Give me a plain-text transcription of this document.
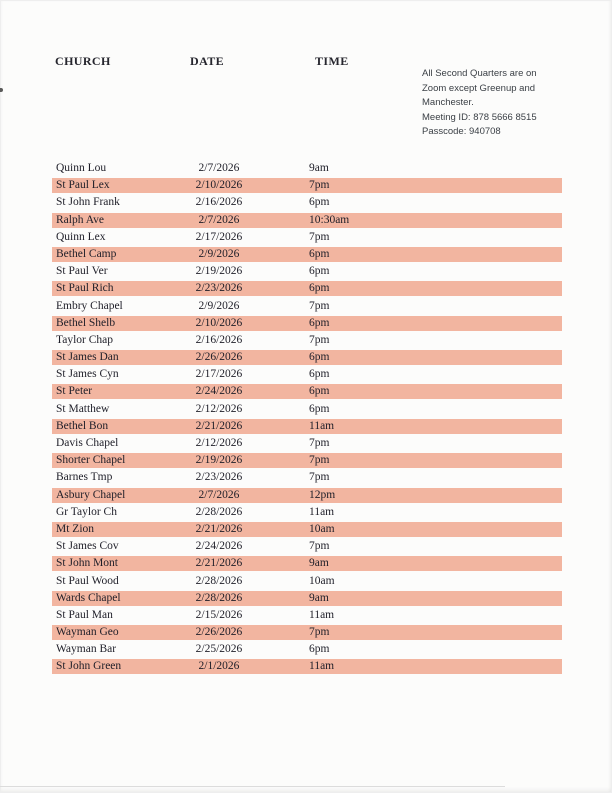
CHURCH	DATE	TIME
All Second Quarters are on
Zoom except Greenup and
Manchester.
Meeting ID: 878 5666 8515
Passcode: 940708
Quinn Lou	2/7/2026	9am
St Paul Lex	2/10/2026	7pm
St John Frank	2/16/2026	6pm
Ralph Ave	2/7/2026	10:30am
Quinn Lex	2/17/2026	7pm
Bethel Camp	2/9/2026	6pm
St Paul Ver	2/19/2026	6pm
St Paul Rich	2/23/2026	6pm
Embry Chapel	2/9/2026	7pm
Bethel Shelb	2/10/2026	6pm
Taylor Chap	2/16/2026	7pm
St James Dan	2/26/2026	6pm
St James Cyn	2/17/2026	6pm
St Peter	2/24/2026	6pm
St Matthew	2/12/2026	6pm
Bethel Bon	2/21/2026	11am
Davis Chapel	2/12/2026	7pm
Shorter Chapel	2/19/2026	7pm
Barnes Tmp	2/23/2026	7pm
Asbury Chapel	2/7/2026	12pm
Gr Taylor Ch	2/28/2026	11am
Mt Zion	2/21/2026	10am
St James Cov	2/24/2026	7pm
St John Mont	2/21/2026	9am
St Paul Wood	2/28/2026	10am
Wards Chapel	2/28/2026	9am
St Paul Man	2/15/2026	11am
Wayman Geo	2/26/2026	7pm
Wayman Bar	2/25/2026	6pm
St John Green	2/1/2026	11am
